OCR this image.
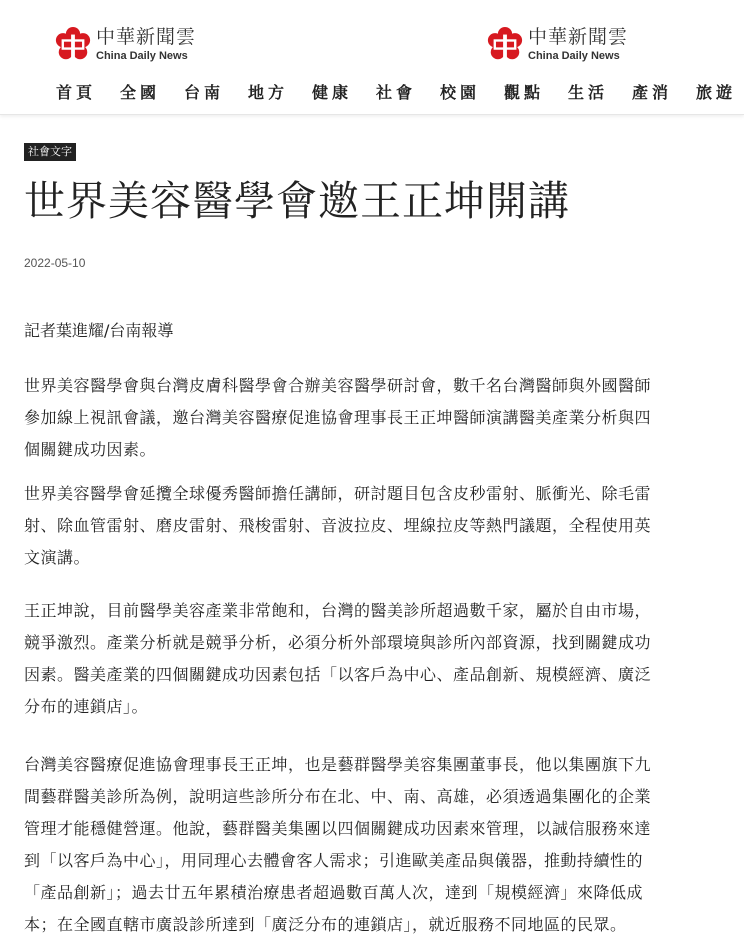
中華新聞雲
China Daily News
中華新聞雲
China Daily News
首頁 全國 台南 地方 健康 社會 校園 觀點 生活 產消 旅遊
社會文字
世界美容醫學會邀王正坤開講
2022-05-10
記者葉進耀/台南報導

世界美容醫學會與台灣皮膚科醫學會合辦美容醫學研討會，數千名台灣醫師與外國醫師
參加線上視訊會議，邀台灣美容醫療促進協會理事長王正坤醫師演講醫美產業分析與四
個關鍵成功因素。

世界美容醫學會延攬全球優秀醫師擔任講師，研討題目包含皮秒雷射、脈衝光、除毛雷
射、除血管雷射、磨皮雷射、飛梭雷射、音波拉皮、埋線拉皮等熱門議題，全程使用英
文演講。

王正坤說，目前醫學美容產業非常飽和，台灣的醫美診所超過數千家，屬於自由市場，
競爭激烈。產業分析就是競爭分析，必須分析外部環境與診所內部資源，找到關鍵成功
因素。醫美產業的四個關鍵成功因素包括「以客戶為中心、產品創新、規模經濟、廣泛
分布的連鎖店」。

台灣美容醫療促進協會理事長王正坤，也是藝群醫學美容集團董事長，他以集團旗下九
間藝群醫美診所為例，說明這些診所分布在北、中、南、高雄，必須透過集團化的企業
管理才能穩健營運。他說，藝群醫美集團以四個關鍵成功因素來管理，以誠信服務來達
到「以客戶為中心」，用同理心去體會客人需求；引進歐美產品與儀器，推動持續性的
「產品創新」；過去廿五年累積治療患者超過數百萬人次，達到「規模經濟」來降低成
本；在全國直轄市廣設診所達到「廣泛分布的連鎖店」，就近服務不同地區的民眾。
